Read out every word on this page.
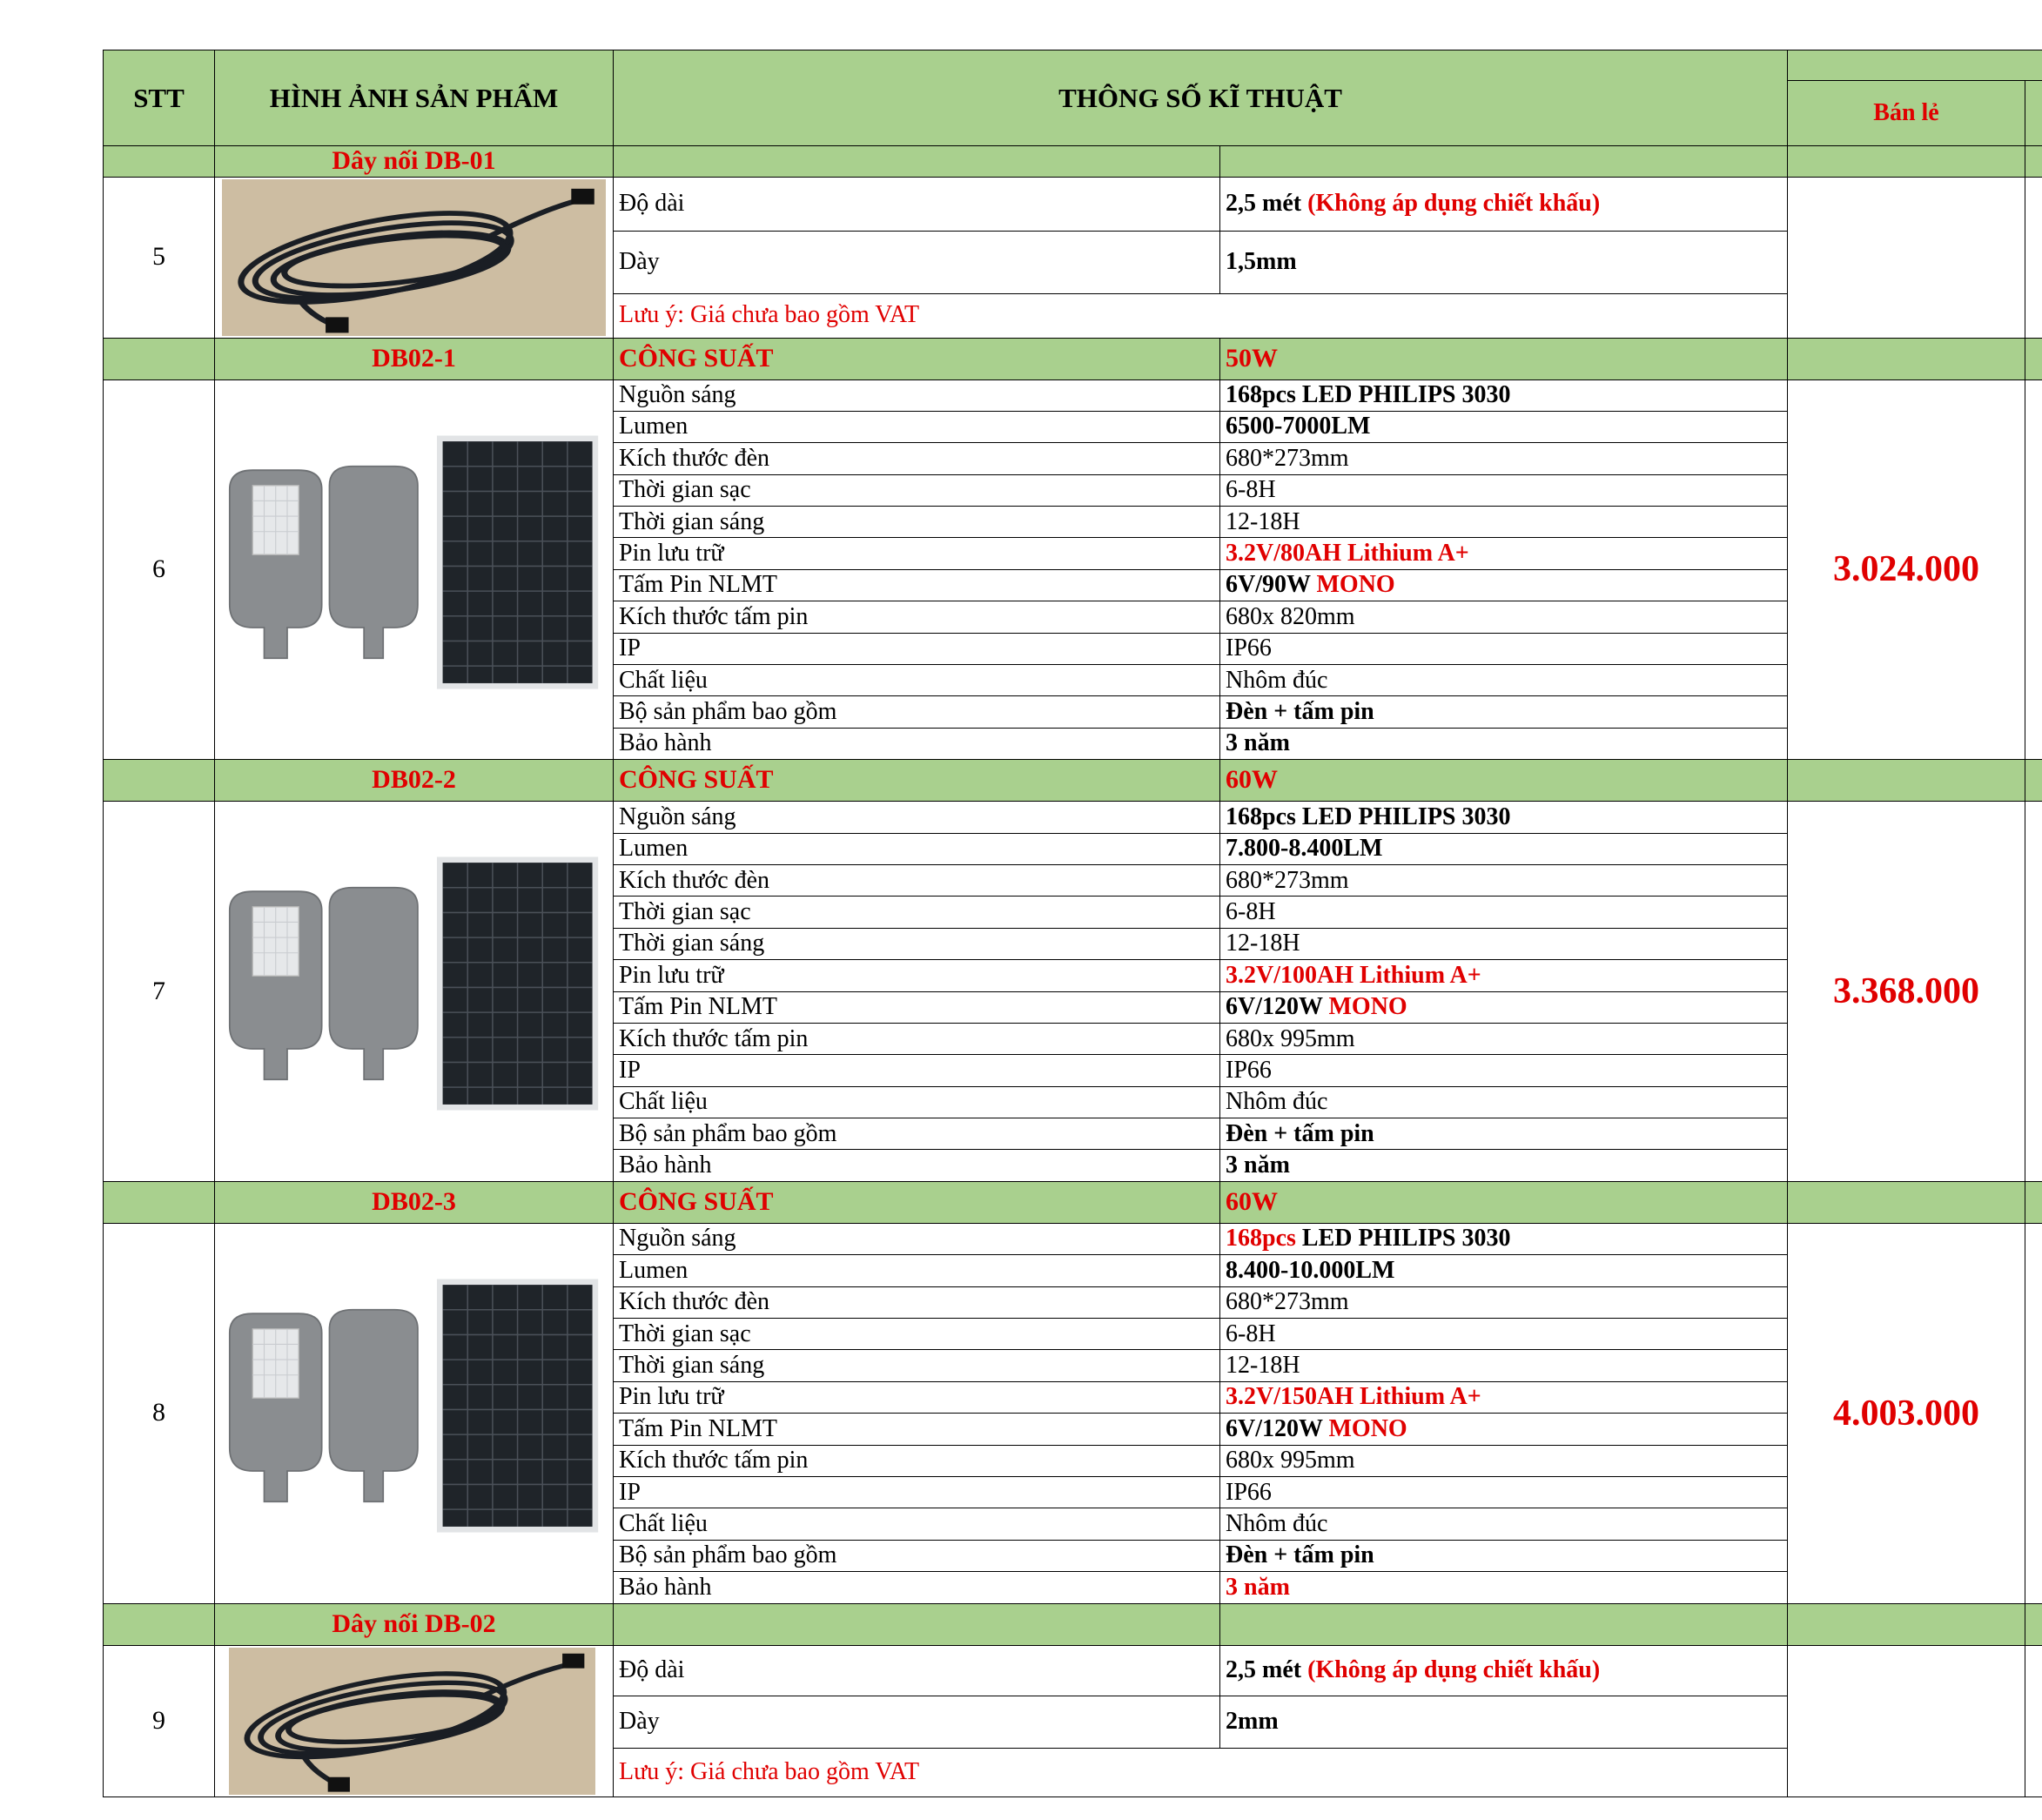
STT	HÌNH ẢNH SẢN PHẨM	THÔNG SỐ KĨ THUẬT			
				Bán lẻ	
	Dây nối DB-01				
5		Độ dài	2,5 mét (Không áp dụng chiết khấu)		
		Dày	1,5mm		
		Lưu ý: Giá chưa bao gồm VAT			
	DB02-1	CÔNG SUẤT	50W		
6		Nguồn sáng	168pcs LED PHILIPS 3030	3.024.000	
		Lumen	6500-7000LM		
		Kích thước đèn	680*273mm		
		Thời gian sạc	6-8H		
		Thời gian sáng	12-18H		
		Pin lưu trữ	3.2V/80AH Lithium A+		
		Tấm Pin NLMT	6V/90W MONO		
		Kích thước tấm pin	680x 820mm		
		IP	IP66		
		Chất liệu	Nhôm đúc		
		Bộ sản phẩm bao gồm	Đèn + tấm pin		
		Bảo hành	3 năm		
	DB02-2	CÔNG SUẤT	60W		
7		Nguồn sáng	168pcs LED PHILIPS 3030	3.368.000	
		Lumen	7.800-8.400LM		
		Kích thước đèn	680*273mm		
		Thời gian sạc	6-8H		
		Thời gian sáng	12-18H		
		Pin lưu trữ	3.2V/100AH Lithium A+		
		Tấm Pin NLMT	6V/120W MONO		
		Kích thước tấm pin	680x 995mm		
		IP	IP66		
		Chất liệu	Nhôm đúc		
		Bộ sản phẩm bao gồm	Đèn + tấm pin		
		Bảo hành	3 năm		
	DB02-3	CÔNG SUẤT	60W		
8		Nguồn sáng	168pcs LED PHILIPS 3030	4.003.000	
		Lumen	8.400-10.000LM		
		Kích thước đèn	680*273mm		
		Thời gian sạc	6-8H		
		Thời gian sáng	12-18H		
		Pin lưu trữ	3.2V/150AH Lithium A+		
		Tấm Pin NLMT	6V/120W MONO		
		Kích thước tấm pin	680x 995mm		
		IP	IP66		
		Chất liệu	Nhôm đúc		
		Bộ sản phẩm bao gồm	Đèn + tấm pin		
		Bảo hành	3 năm		
	Dây nối DB-02				
9		Độ dài	2,5 mét (Không áp dụng chiết khấu)		
		Dày	2mm		
		Lưu ý: Giá chưa bao gồm VAT			
